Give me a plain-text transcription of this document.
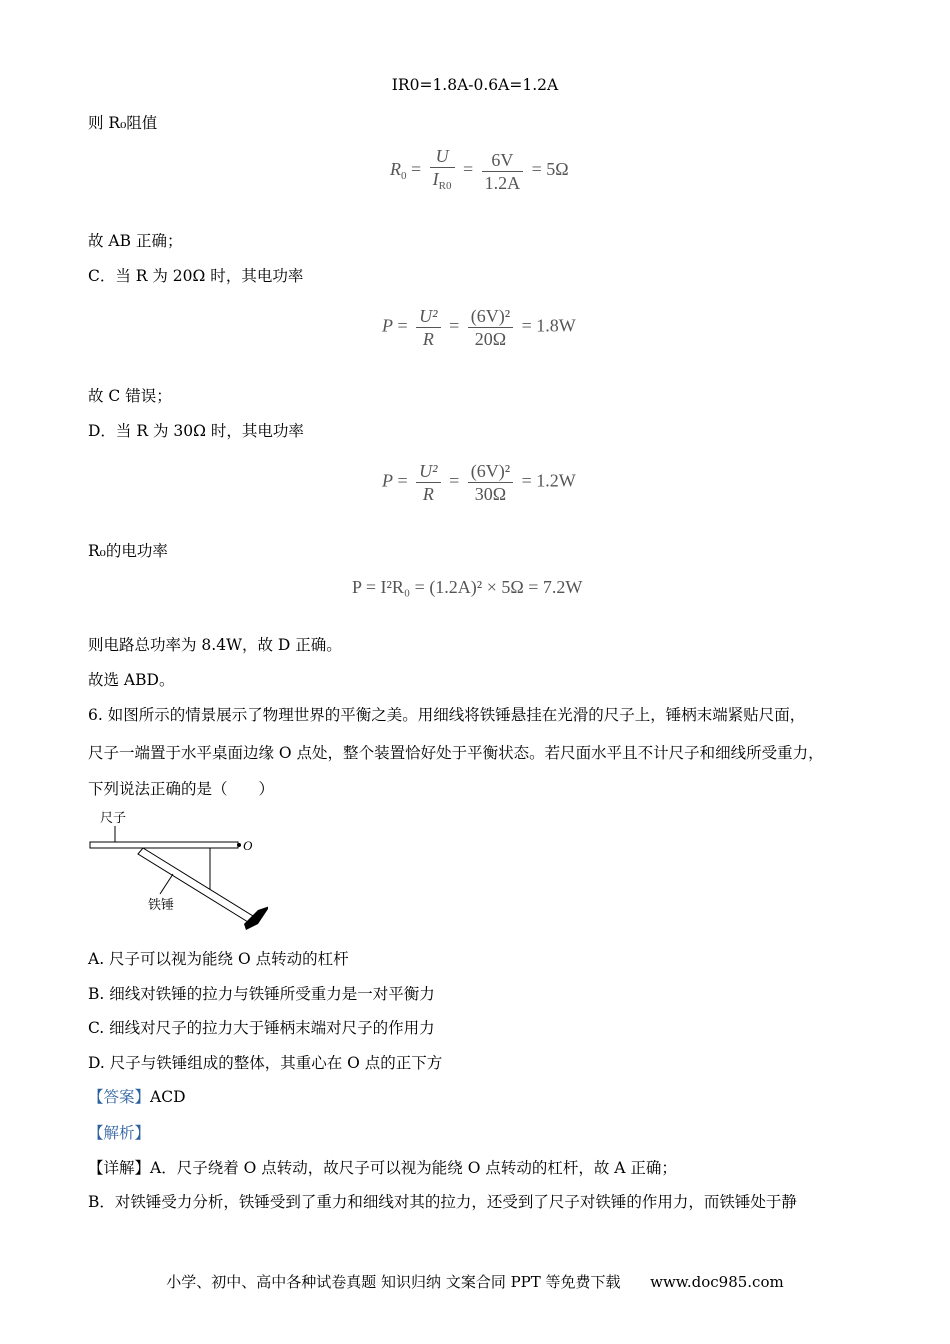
IR0=1.8A-0.6A=1.2A
则 R₀阻值
$R_0 = \frac{U}{I_{R0}} = \frac{6V}{1.2A} = 5\Omega$
故 AB 正确；
C．当 R 为 20Ω 时，其电功率
$P = \frac{\text{U²}}{R} = \frac{\text{(6V)²}}{20\Omega} = 1.8W$
故 C 错误；
D．当 R 为 30Ω 时，其电功率
$P = \frac{\text{U²}}{R} = \frac{\text{(6V)²}}{30\Omega} = 1.2W$
R₀的电功率
P = I²R₀ = (1.2A)² × 5Ω = 7.2W
则电路总功率为 8.4W，故 D 正确。
故选 ABD。
6. 如图所示的情景展示了物理世界的平衡之美。用细线将铁锤悬挂在光滑的尺子上，锤柄末端紧贴尺面，
尺子一端置于水平桌面边缘 O 点处，整个装置恰好处于平衡状态。若尺面水平且不计尺子和细线所受重力，
下列说法正确的是（　　）
尺子
O
铁锤
A. 尺子可以视为能绕 O 点转动的杠杆
B. 细线对铁锤的拉力与铁锤所受重力是一对平衡力
C. 细线对尺子的拉力大于锤柄末端对尺子的作用力
D. 尺子与铁锤组成的整体，其重心在 O 点的正下方
【答案】ACD
【解析】
【详解】A．尺子绕着 O 点转动，故尺子可以视为能绕 O 点转动的杠杆，故 A 正确；
B．对铁锤受力分析，铁锤受到了重力和细线对其的拉力，还受到了尺子对铁锤的作用力，而铁锤处于静
小学、初中、高中各种试卷真题 知识归纳 文案合同 PPT 等免费下载 www.doc985.com
